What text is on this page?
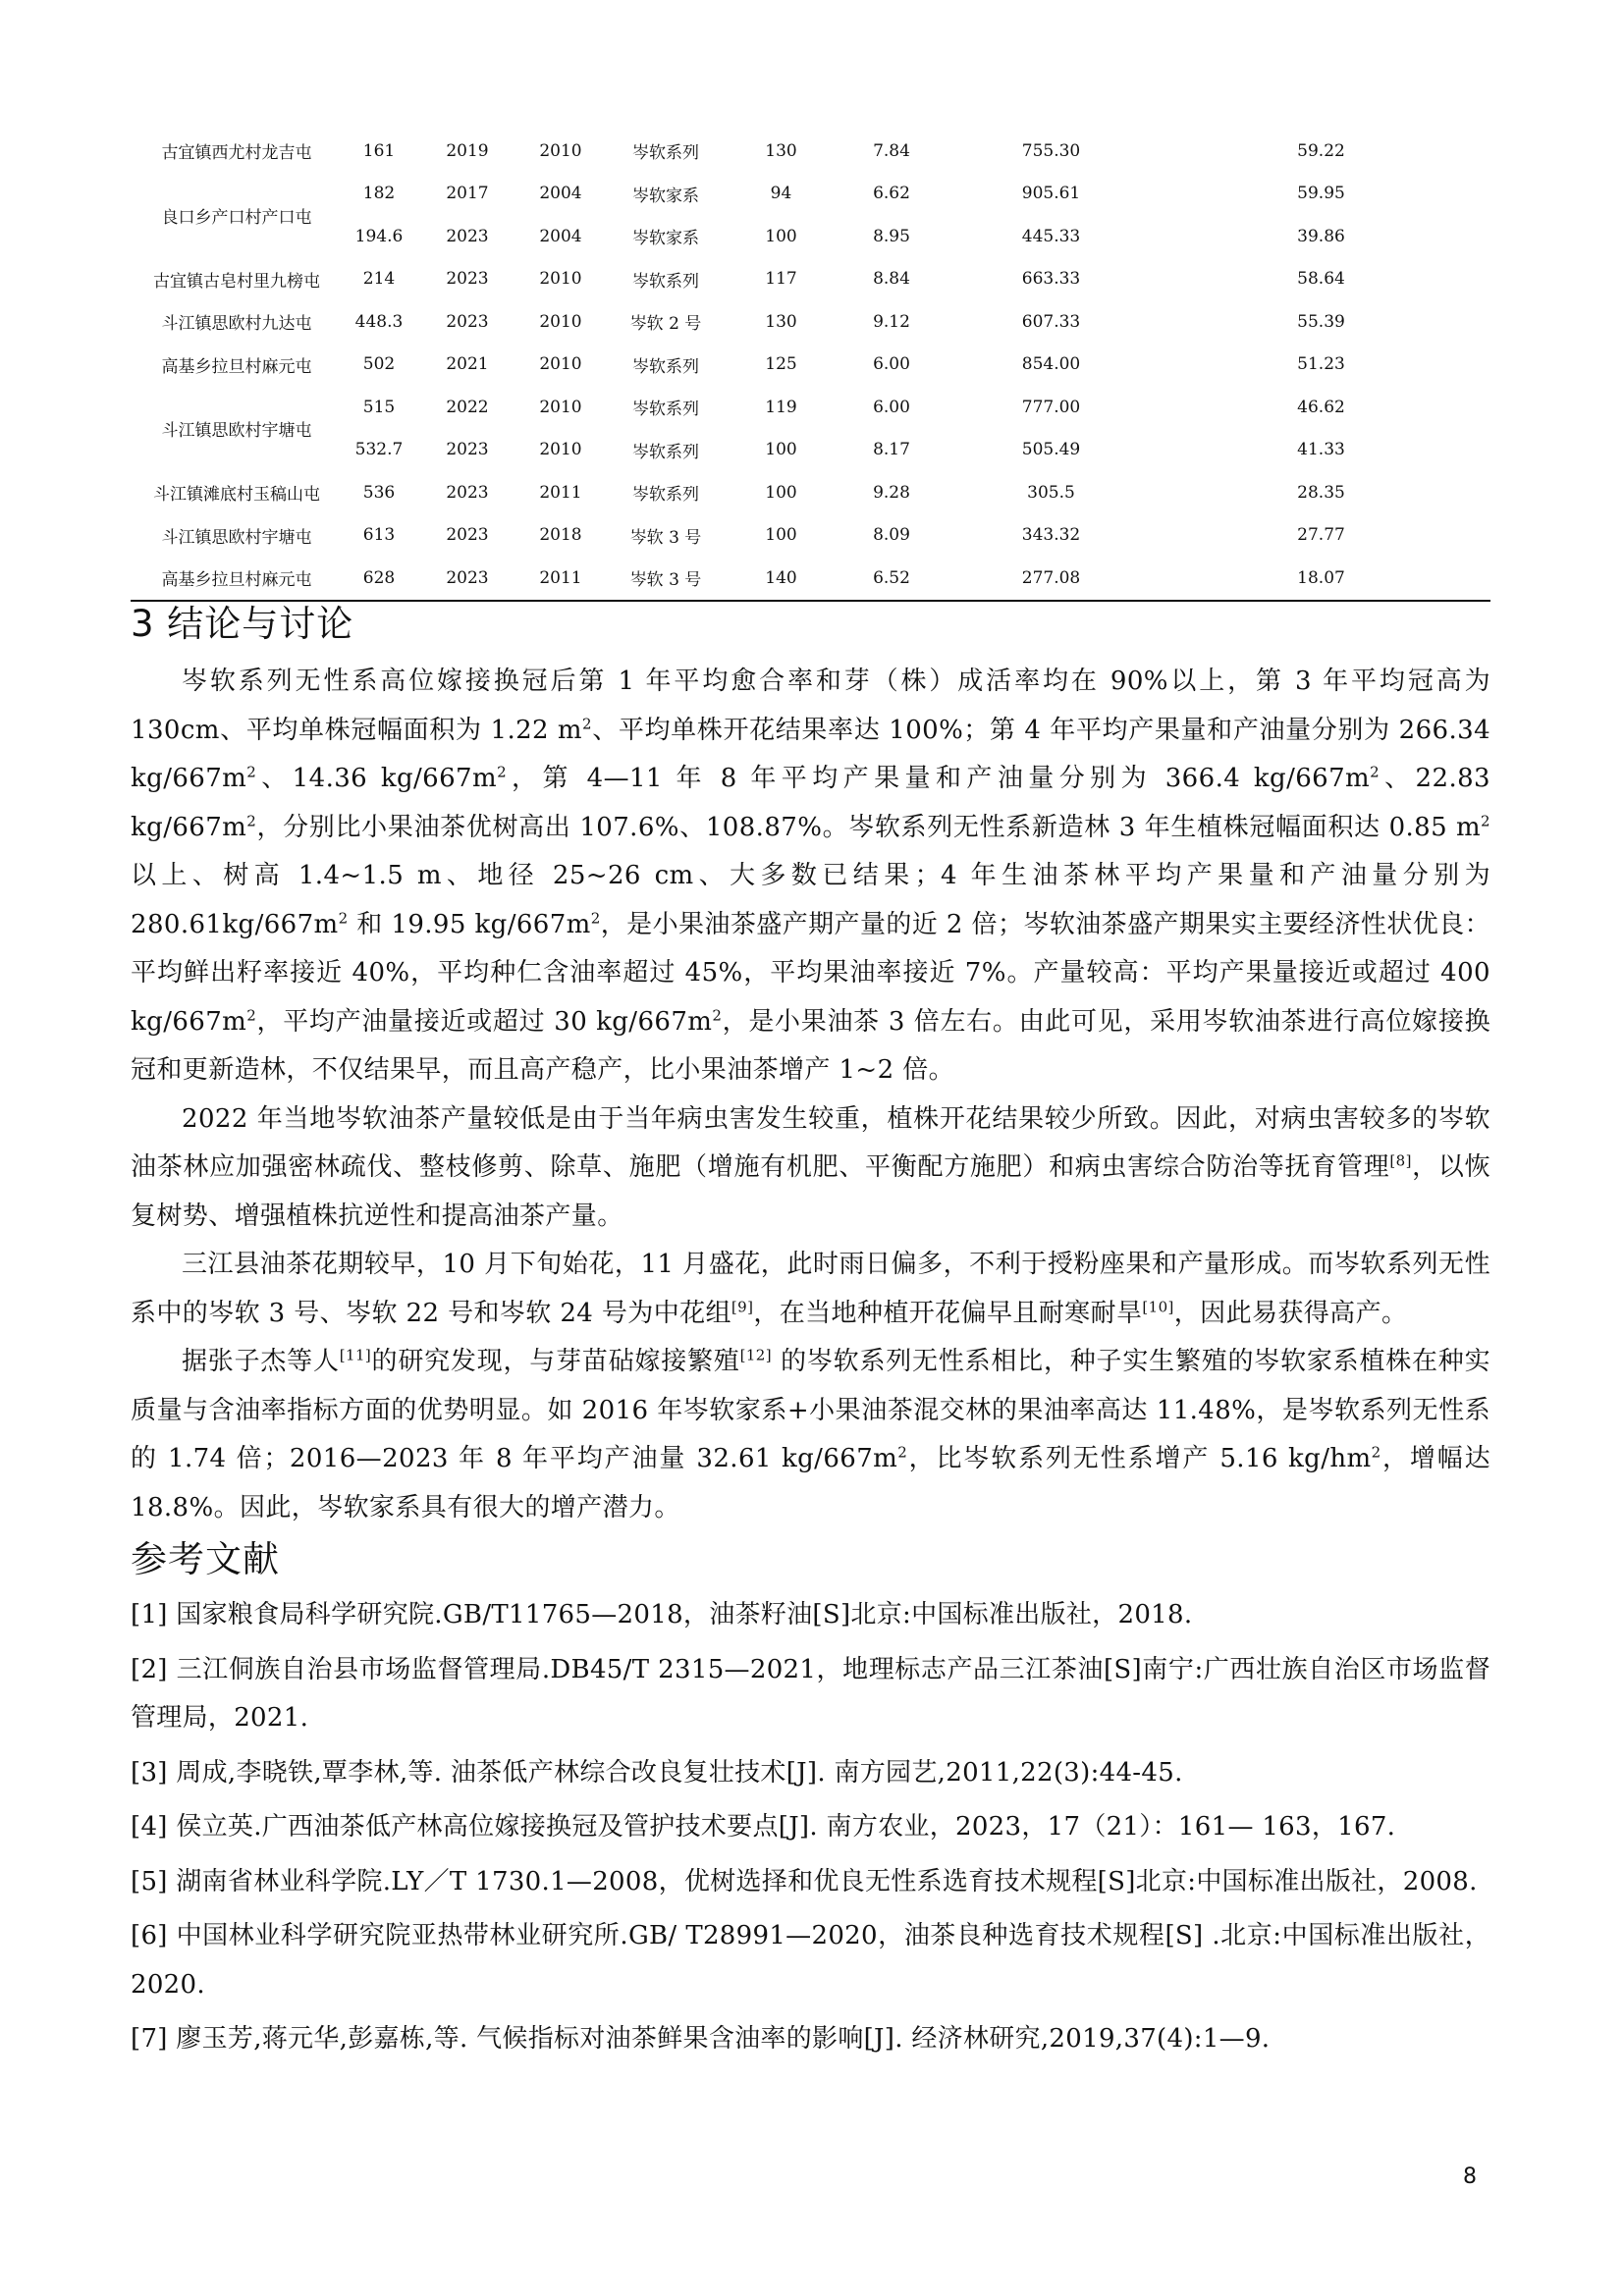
古宜镇西尤村龙吉屯	161	2019	2010	岑软系列	130	7.84	755.30	59.22
良口乡产口村产口屯	182	2017	2004	岑软家系	94	6.62	905.61	59.95
	194.6	2023	2004	岑软家系	100	8.95	445.33	39.86
古宜镇古皂村里九榜屯	214	2023	2010	岑软系列	117	8.84	663.33	58.64
斗江镇思欧村九达屯	448.3	2023	2010	岑软 2 号	130	9.12	607.33	55.39
高基乡拉旦村麻元屯	502	2021	2010	岑软系列	125	6.00	854.00	51.23
斗江镇思欧村宇塘屯	515	2022	2010	岑软系列	119	6.00	777.00	46.62
	532.7	2023	2010	岑软系列	100	8.17	505.49	41.33
斗江镇滩底村玉稿山屯	536	2023	2011	岑软系列	100	9.28	305.5	28.35
斗江镇思欧村宇塘屯	613	2023	2018	岑软 3 号	100	8.09	343.32	27.77
高基乡拉旦村麻元屯	628	2023	2011	岑软 3 号	140	6.52	277.08	18.07
3 结论与讨论

岑软系列无性系高位嫁接换冠后第 1 年平均愈合率和芽（株）成活率均在 90%以上，第 3 年平均冠高为 130cm、平均单株冠幅面积为 1.22 $m^2$、平均单株开花结果率达 100%；第 4 年平均产果量和产油量分别为 266.34 $kg/667m^2$、14.36 $kg/667m^2$，第 4—11 年 8 年平均产果量和产油量分别为 366.4 $kg/667m^2$、22.83 $kg/667m^2$，分别比小果油茶优树高出 107.6%、108.87%。岑软系列无性系新造林 3 年生植株冠幅面积达 0.85 $m^2$ 以上、树高 1.4~1.5 m、地径 25~26 cm、大多数已结果；4 年生油茶林平均产果量和产油量分别为 $280.61kg/667m^2$ 和 19.95 $kg/667m^2$，是小果油茶盛产期产量的近 2 倍；岑软油茶盛产期果实主要经济性状优良：平均鲜出籽率接近 40%，平均种仁含油率超过 45%，平均果油率接近 7%。产量较高：平均产果量接近或超过 400 $kg/667m^2$，平均产油量接近或超过 30 $kg/667m^2$，是小果油茶 3 倍左右。由此可见，采用岑软油茶进行高位嫁接换冠和更新造林，不仅结果早，而且高产稳产，比小果油茶增产 1~2 倍。

2022 年当地岑软油茶产量较低是由于当年病虫害发生较重，植株开花结果较少所致。因此，对病虫害较多的岑软油茶林应加强密林疏伐、整枝修剪、除草、施肥（增施有机肥、平衡配方施肥）和病虫害综合防治等抚育管理[8]，以恢复树势、增强植株抗逆性和提高油茶产量。

三江县油茶花期较早，10 月下旬始花，11 月盛花，此时雨日偏多，不利于授粉座果和产量形成。而岑软系列无性系中的岑软 3 号、岑软 22 号和岑软 24 号为中花组[9]，在当地种植开花偏早且耐寒耐旱[10]，因此易获得高产。

据张子杰等人[11]的研究发现，与芽苗砧嫁接繁殖[12] 的岑软系列无性系相比，种子实生繁殖的岑软家系植株在种实质量与含油率指标方面的优势明显。如 2016 年岑软家系+小果油茶混交林的果油率高达 11.48%，是岑软系列无性系的 1.74 倍；2016—2023 年 8 年平均产油量 32.61 $kg/667m^2$，比岑软系列无性系增产 5.16 $kg/hm^2$，增幅达 18.8%。因此，岑软家系具有很大的增产潜力。

参考文献
[1] 国家粮食局科学研究院.GB/T11765—2018，油茶籽油[S]北京:中国标准出版社，2018.
[2] 三江侗族自治县市场监督管理局.DB45/T 2315—2021，地理标志产品三江茶油[S]南宁:广西壮族自治区市场监督管理局，2021.
[3] 周成,李晓铁,覃李林,等. 油茶低产林综合改良复壮技术[J]. 南方园艺,2011,22(3):44-45.
[4] 侯立英.广西油茶低产林高位嫁接换冠及管护技术要点[J]. 南方农业，2023，17（21）：161— 163，167.
[5] 湖南省林业科学院.LY／T 1730.1—2008，优树选择和优良无性系选育技术规程[S]北京:中国标准出版社，2008.
[6] 中国林业科学研究院亚热带林业研究所.GB/ T28991—2020，油茶良种选育技术规程[S] .北京:中国标准出版社，2020.
[7] 廖玉芳,蒋元华,彭嘉栋,等. 气候指标对油茶鲜果含油率的影响[J]. 经济林研究,2019,37(4):1—9.
8
